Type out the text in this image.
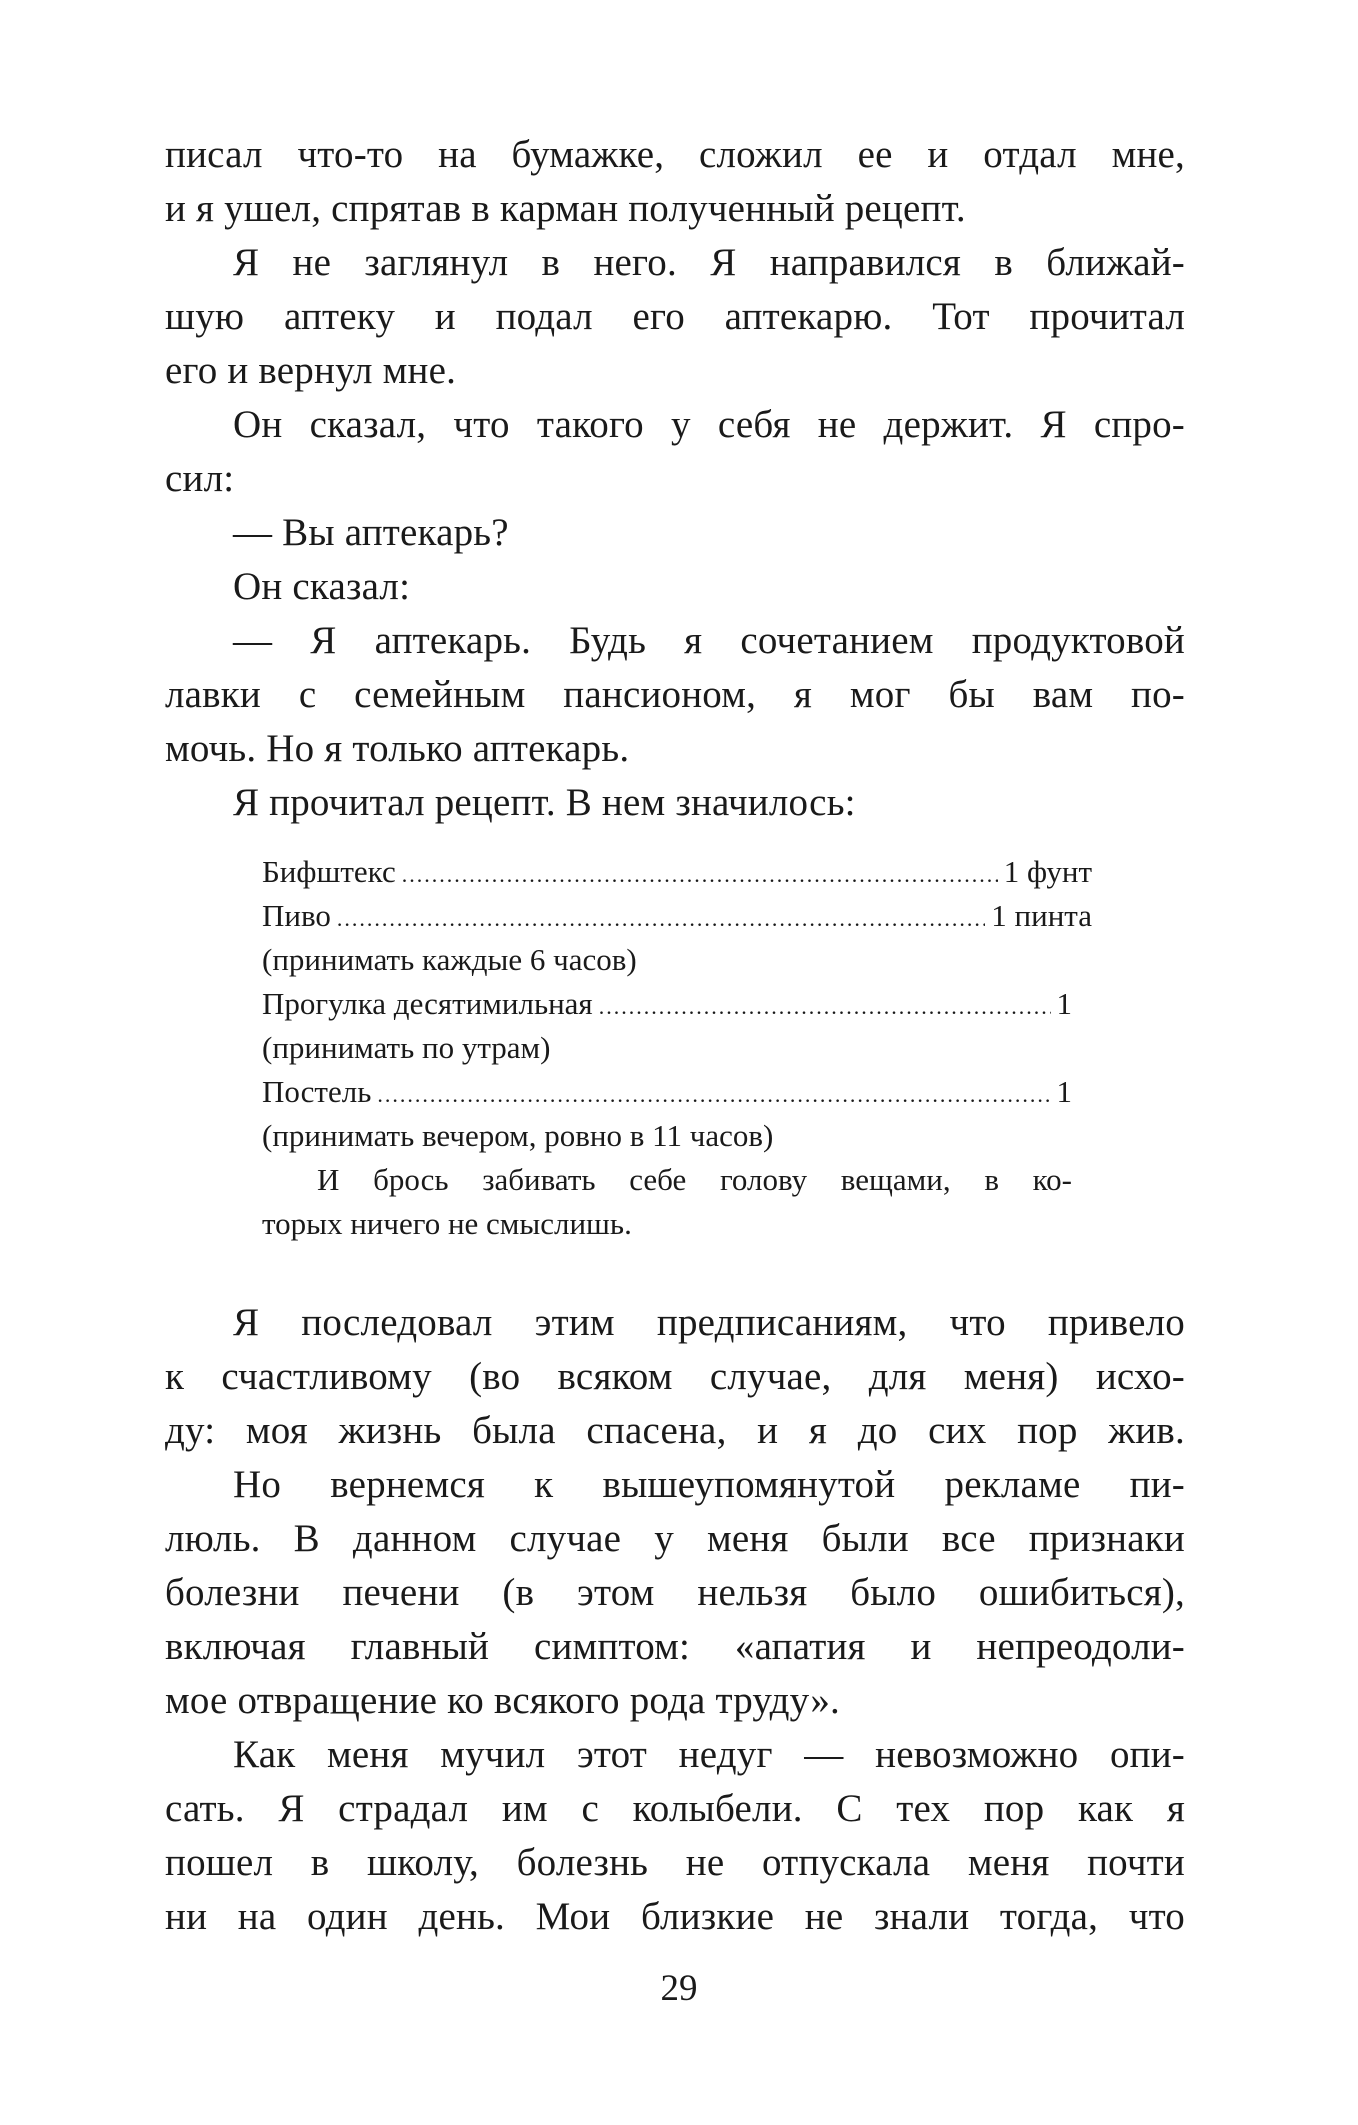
писал что-то на бумажке, сложил ее и отдал мне,
и я ушел, спрятав в карман полученный рецепт.
Я не заглянул в него. Я направился в ближай-
шую аптеку и подал его аптекарю. Тот прочитал
его и вернул мне.
Он сказал, что такого у себя не держит. Я спро-
сил:
— Вы аптекарь?
Он сказал:
— Я аптекарь. Будь я сочетанием продуктовой
лавки с семейным пансионом, я мог бы вам по-
мочь. Но я только аптекарь.
Я прочитал рецепт. В нем значилось:
Бифштекс .....	1 фунт
Пиво .....	1 пинта
(принимать каждые 6 часов)
Прогулка десятимильная .....	1
(принимать по утрам)
Постель .....	1
(принимать вечером, ровно в 11 часов)
И брось забивать себе голову вещами, в ко-
торых ничего не смыслишь.
Я последовал этим предписаниям, что привело
к счастливому (во всяком случае, для меня) исхо-
ду: моя жизнь была спасена, и я до сих пор жив.
Но вернемся к вышеупомянутой рекламе пи-
люль. В данном случае у меня были все признаки
болезни печени (в этом нельзя было ошибиться),
включая главный симптом: «апатия и непреодоли-
мое отвращение ко всякого рода труду».
Как меня мучил этот недуг — невозможно опи-
сать. Я страдал им с колыбели. С тех пор как я
пошел в школу, болезнь не отпускала меня почти
ни на один день. Мои близкие не знали тогда, что
29
